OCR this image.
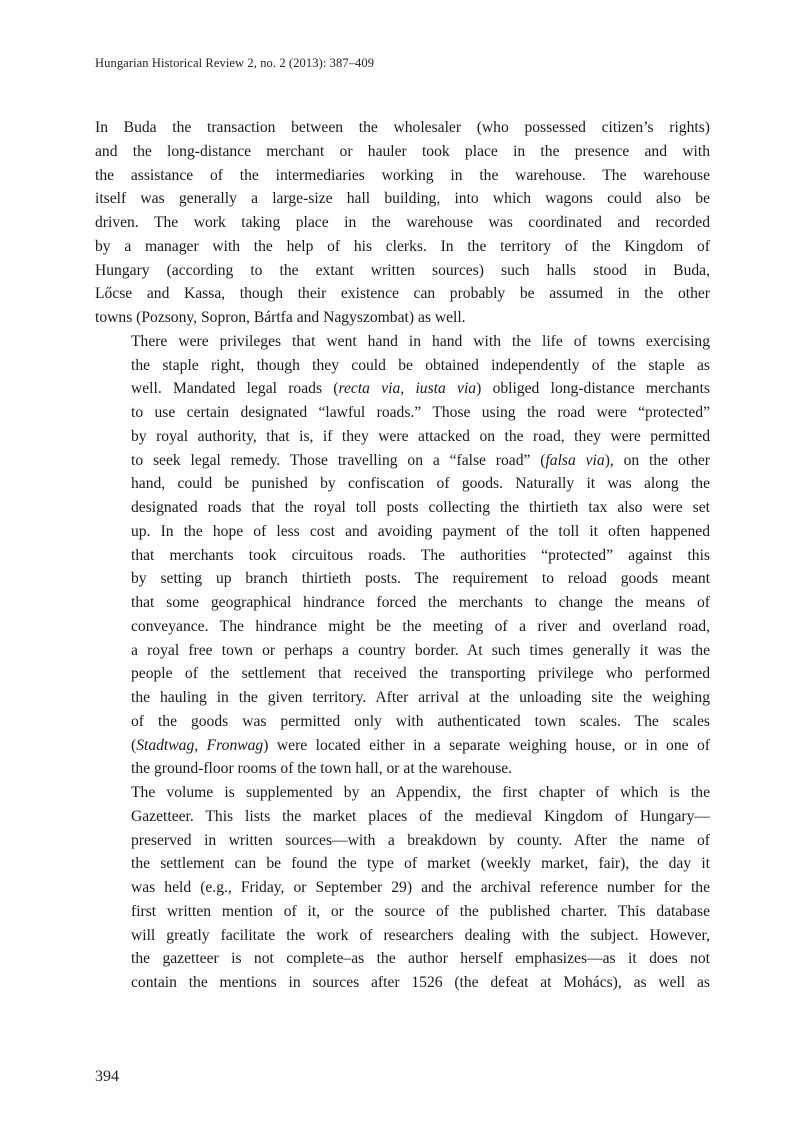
Hungarian Historical Review 2, no. 2 (2013): 387–409

In Buda the transaction between the wholesaler (who possessed citizen’s rights)
and the long-distance merchant or hauler took place in the presence and with
the assistance of the intermediaries working in the warehouse. The warehouse
itself was generally a large-size hall building, into which wagons could also be
driven. The work taking place in the warehouse was coordinated and recorded
by a manager with the help of his clerks. In the territory of the Kingdom of
Hungary (according to the extant written sources) such halls stood in Buda,
Lőcse and Kassa, though their existence can probably be assumed in the other
towns (Pozsony, Sopron, Bártfa and Nagyszombat) as well.

There were privileges that went hand in hand with the life of towns exercising
the staple right, though they could be obtained independently of the staple as
well. Mandated legal roads (recta via, iusta via) obliged long-distance merchants
to use certain designated “lawful roads.” Those using the road were “protected”
by royal authority, that is, if they were attacked on the road, they were permitted
to seek legal remedy. Those travelling on a “false road” (falsa via), on the other
hand, could be punished by confiscation of goods. Naturally it was along the
designated roads that the royal toll posts collecting the thirtieth tax also were set
up. In the hope of less cost and avoiding payment of the toll it often happened
that merchants took circuitous roads. The authorities “protected” against this
by setting up branch thirtieth posts. The requirement to reload goods meant
that some geographical hindrance forced the merchants to change the means of
conveyance. The hindrance might be the meeting of a river and overland road,
a royal free town or perhaps a country border. At such times generally it was the
people of the settlement that received the transporting privilege who performed
the hauling in the given territory. After arrival at the unloading site the weighing
of the goods was permitted only with authenticated town scales. The scales
(Stadtwag, Fronwag) were located either in a separate weighing house, or in one of
the ground-floor rooms of the town hall, or at the warehouse.

The volume is supplemented by an Appendix, the first chapter of which is the
Gazetteer. This lists the market places of the medieval Kingdom of Hungary—
preserved in written sources—with a breakdown by county. After the name of
the settlement can be found the type of market (weekly market, fair), the day it
was held (e.g., Friday, or September 29) and the archival reference number for the
first written mention of it, or the source of the published charter. This database
will greatly facilitate the work of researchers dealing with the subject. However,
the gazetteer is not complete–as the author herself emphasizes—as it does not
contain the mentions in sources after 1526 (the defeat at Mohács), as well as

394
